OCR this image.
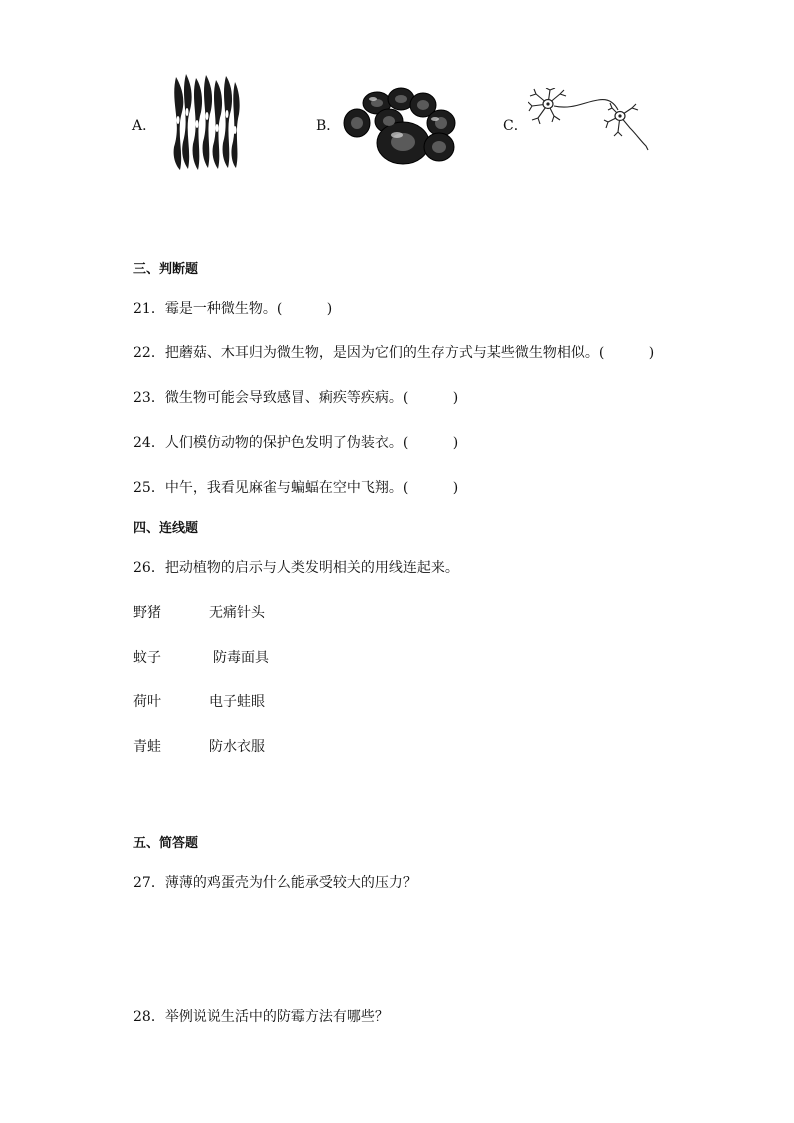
A．	B．	C．
三、判断题
21．霉是一种微生物。(          )
22．把蘑菇、木耳归为微生物，是因为它们的生存方式与某些微生物相似。(          )
23．微生物可能会导致感冒、痢疾等疾病。(          )
24．人们模仿动物的保护色发明了伪装衣。(          )
25．中午，我看见麻雀与蝙蝠在空中飞翔。(          )
四、连线题
26．把动植物的启示与人类发明相关的用线连起来。
野猪	无痛针头
蚊子	防毒面具
荷叶	电子蛙眼
青蛙	防水衣服
五、简答题
27．薄薄的鸡蛋壳为什么能承受较大的压力？
28．举例说说生活中的防霉方法有哪些？
